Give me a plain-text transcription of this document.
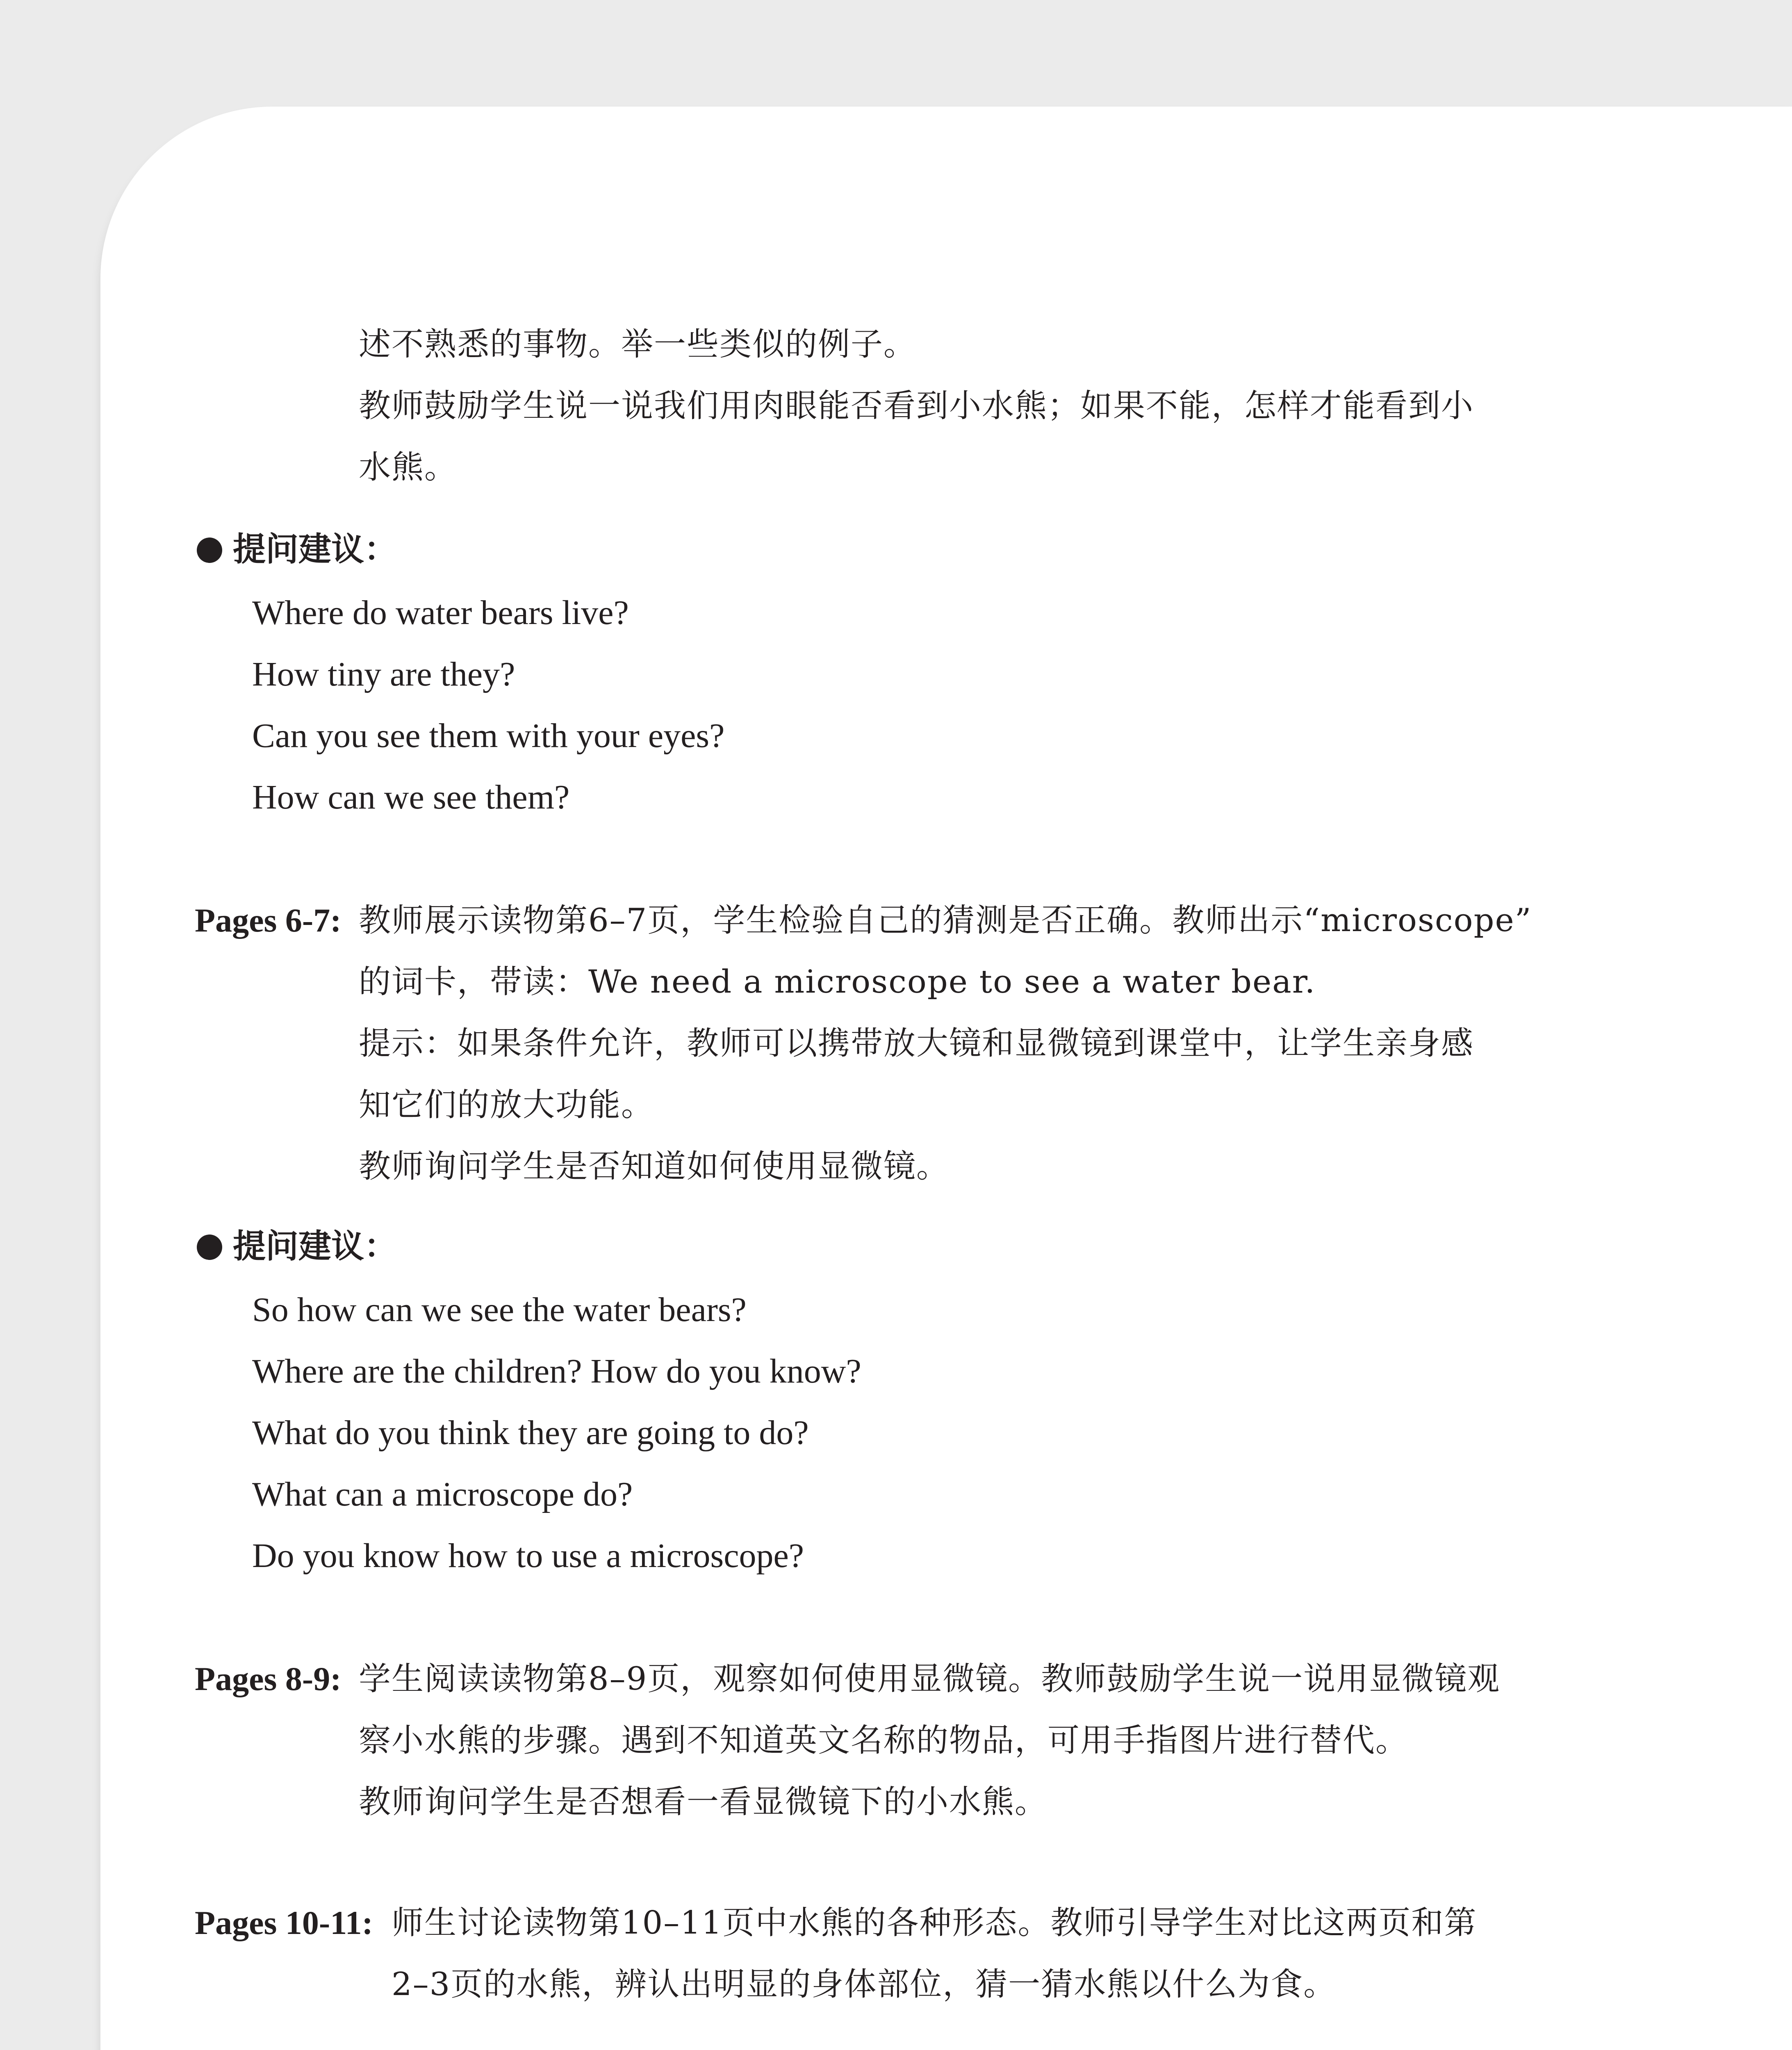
述不熟悉的事物。举一些类似的例子。
教师鼓励学生说一说我们用肉眼能否看到小水熊；如果不能，怎样才能看到小
水熊。
提问建议：
Where do water bears live?
How tiny are they?
Can you see them with your eyes?
How can we see them?
Pages 6-7: 教师展示读物第6–7页，学生检验自己的猜测是否正确。教师出示“microscope”
的词卡，带读：We need a microscope to see a water bear.
提示：如果条件允许，教师可以携带放大镜和显微镜到课堂中，让学生亲身感
知它们的放大功能。
教师询问学生是否知道如何使用显微镜。
提问建议：
So how can we see the water bears?
Where are the children? How do you know?
What do you think they are going to do?
What can a microscope do?
Do you know how to use a microscope?
Pages 8-9: 学生阅读读物第8–9页，观察如何使用显微镜。教师鼓励学生说一说用显微镜观
察小水熊的步骤。遇到不知道英文名称的物品，可用手指图片进行替代。
教师询问学生是否想看一看显微镜下的小水熊。
Pages 10-11: 师生讨论读物第10–11页中水熊的各种形态。教师引导学生对比这两页和第
2–3页的水熊，辨认出明显的身体部位，猜一猜水熊以什么为食。
